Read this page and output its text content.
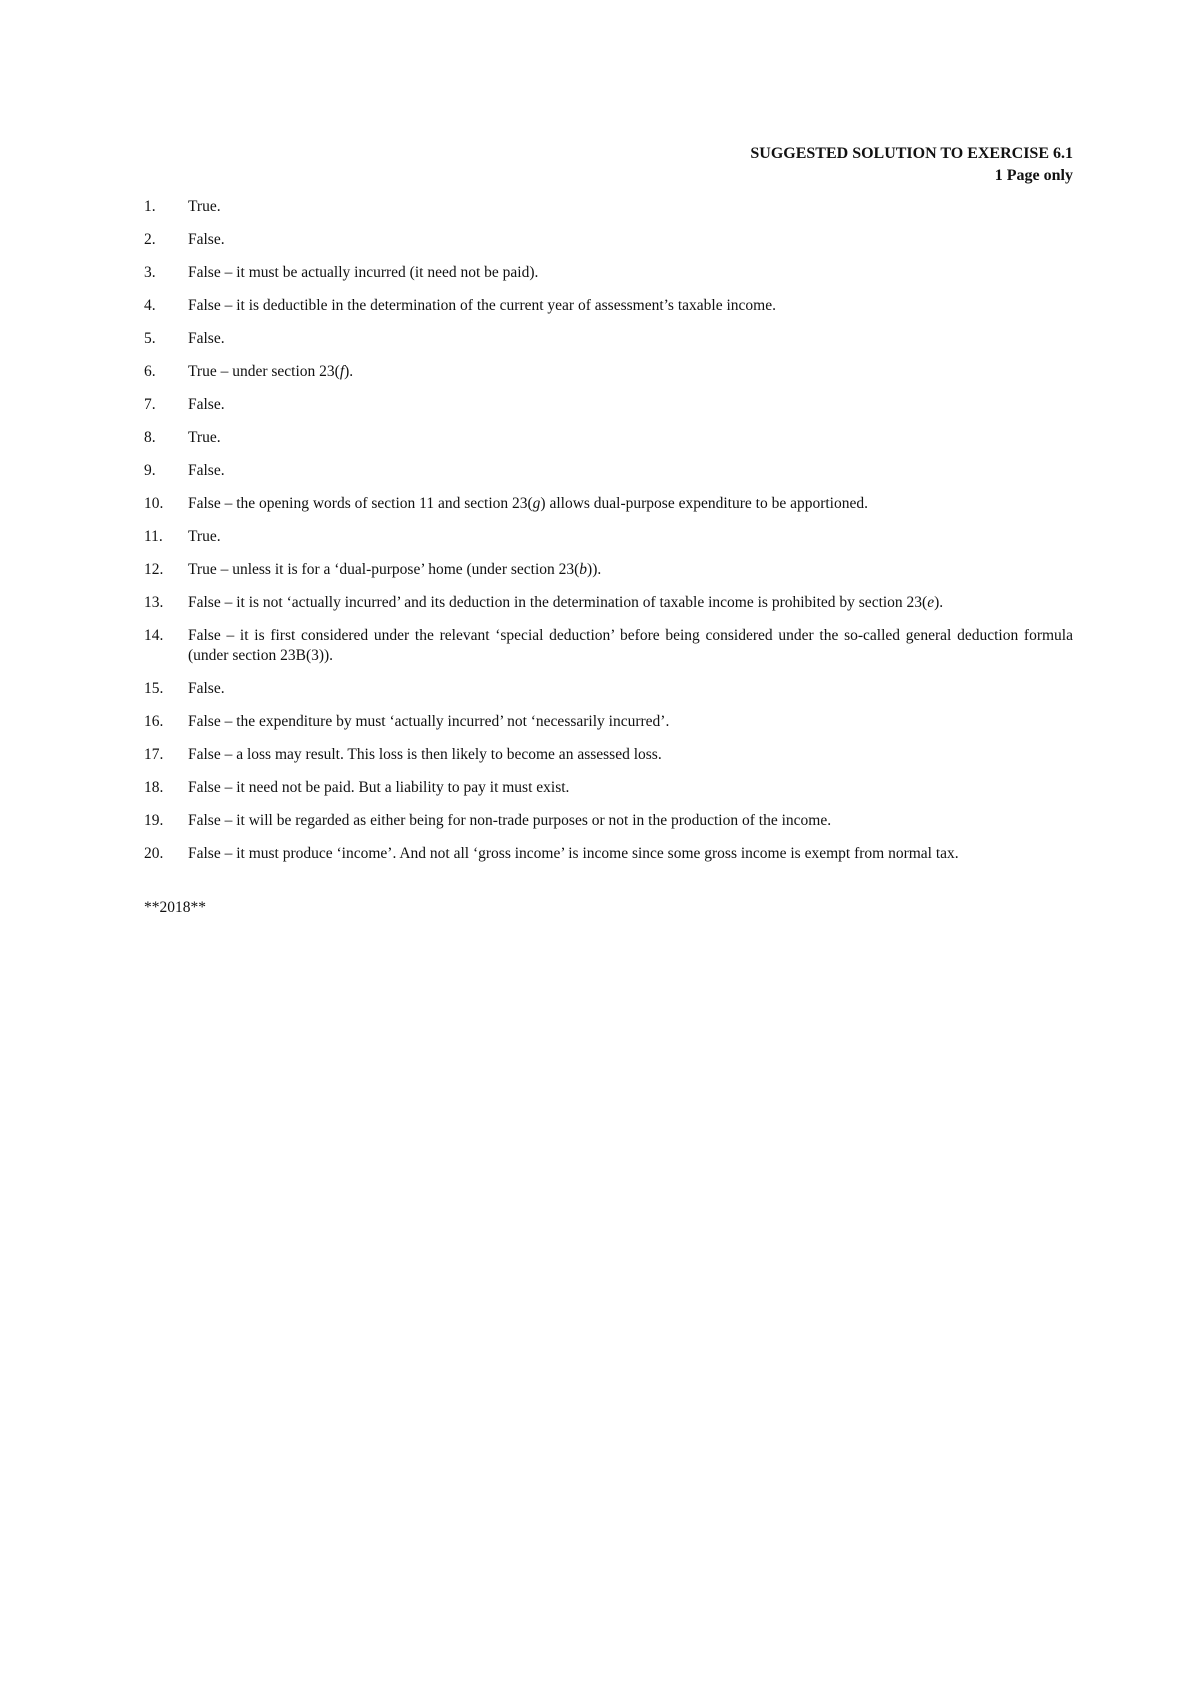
SUGGESTED SOLUTION TO EXERCISE 6.1
1 Page only
1.	True.
2.	False.
3.	False – it must be actually incurred (it need not be paid).
4.	False – it is deductible in the determination of the current year of assessment’s taxable income.
5.	False.
6.	True – under section 23(f).
7.	False.
8.	True.
9.	False.
10.	False – the opening words of section 11 and section 23(g) allows dual-purpose expenditure to be apportioned.
11.	True.
12.	True – unless it is for a ‘dual-purpose’ home (under section 23(b)).
13.	False – it is not ‘actually incurred’ and its deduction in the determination of taxable income is prohibited by section 23(e).
14.	False – it is first considered under the relevant ‘special deduction’ before being considered under the so-called general deduction formula (under section 23B(3)).
15.	False.
16.	False – the expenditure by must ‘actually incurred’ not ‘necessarily incurred’.
17.	False – a loss may result. This loss is then likely to become an assessed loss.
18.	False – it need not be paid. But a liability to pay it must exist.
19.	False – it will be regarded as either being for non-trade purposes or not in the production of the income.
20.	False – it must produce ‘income’. And not all ‘gross income’ is income since some gross income is exempt from normal tax.
**2018**
